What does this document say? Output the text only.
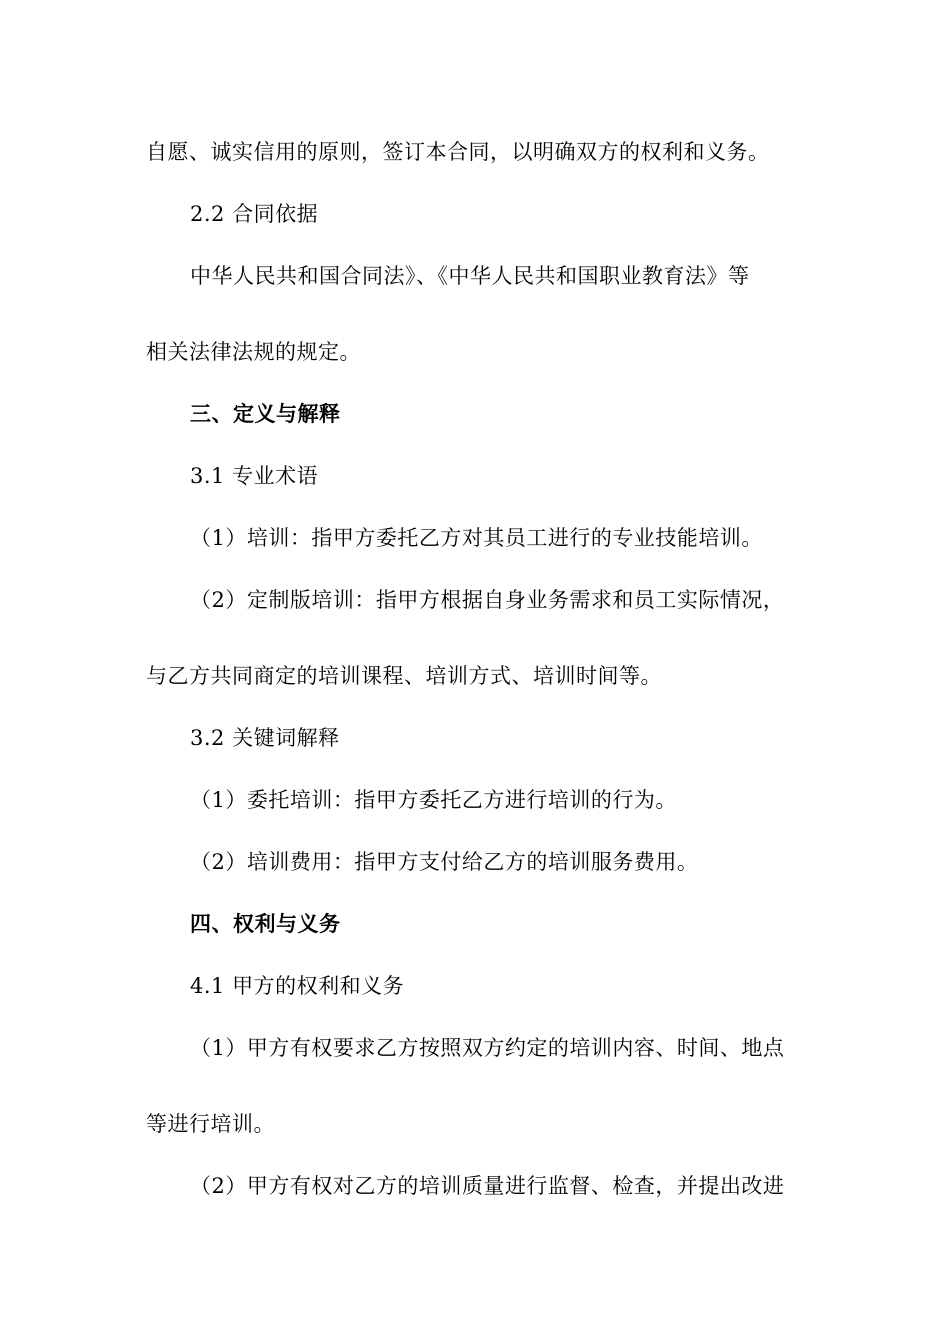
自愿、诚实信用的原则，签订本合同，以明确双方的权利和义务。
2.2 合同依据
中华人民共和国合同法》、《中华人民共和国职业教育法》等
相关法律法规的规定。
三、定义与解释
3.1 专业术语
（1）培训：指甲方委托乙方对其员工进行的专业技能培训。
（2）定制版培训：指甲方根据自身业务需求和员工实际情况，
与乙方共同商定的培训课程、培训方式、培训时间等。
3.2 关键词解释
（1）委托培训：指甲方委托乙方进行培训的行为。
（2）培训费用：指甲方支付给乙方的培训服务费用。
四、权利与义务
4.1 甲方的权利和义务
（1）甲方有权要求乙方按照双方约定的培训内容、时间、地点
等进行培训。
（2）甲方有权对乙方的培训质量进行监督、检查，并提出改进
